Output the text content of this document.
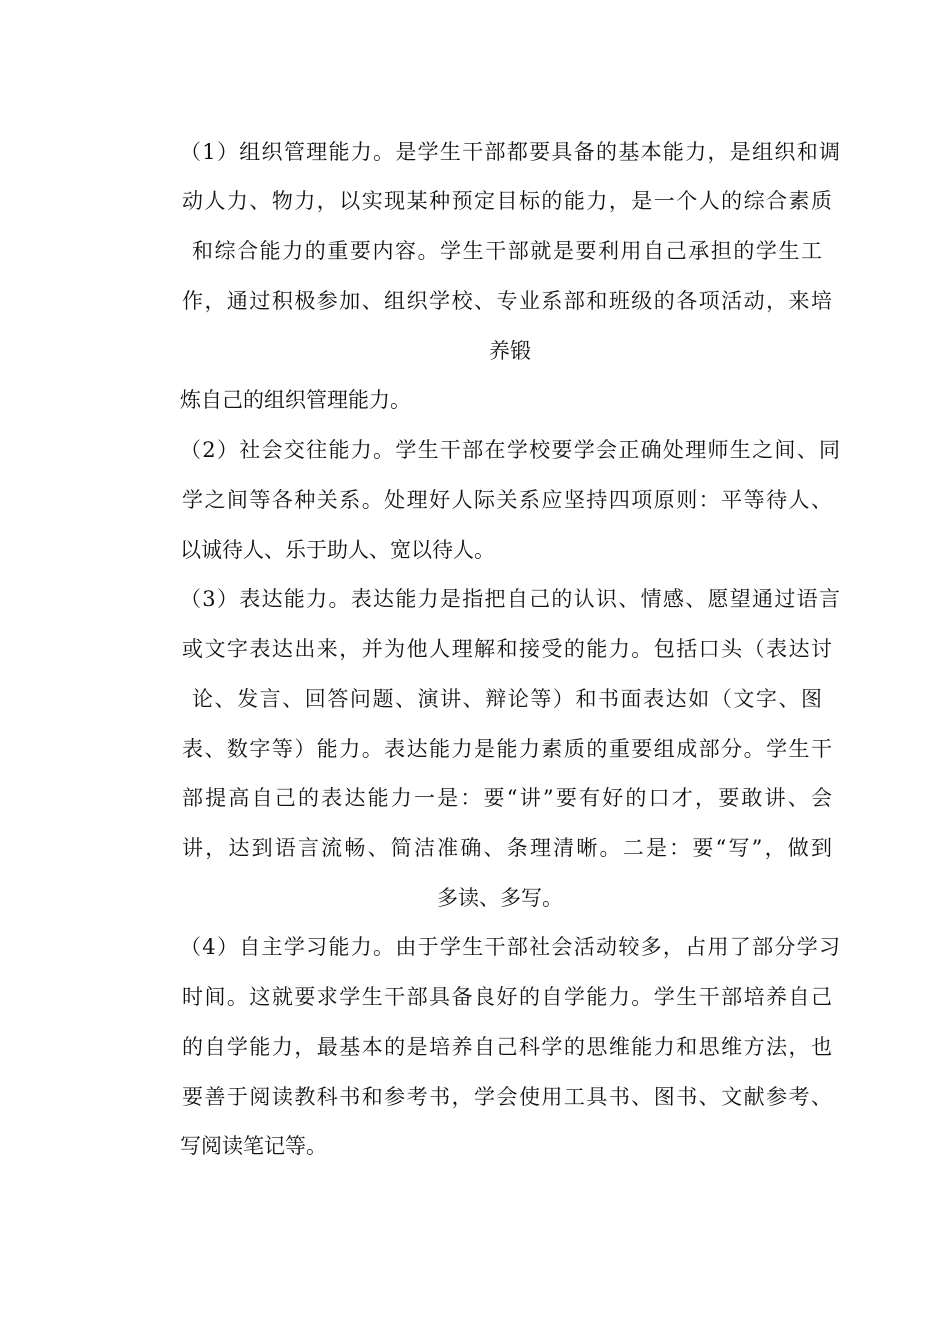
（1）组织管理能力。是学生干部都要具备的基本能力，是组织和调
动人力、物力，以实现某种预定目标的能力，是一个人的综合素质
和综合能力的重要内容。学生干部就是要利用自己承担的学生工
作，通过积极参加、组织学校、专业系部和班级的各项活动，来培
养锻
炼自己的组织管理能力。
（2）社会交往能力。学生干部在学校要学会正确处理师生之间、同
学之间等各种关系。处理好人际关系应坚持四项原则：平等待人、
以诚待人、乐于助人、宽以待人。
（3）表达能力。表达能力是指把自己的认识、情感、愿望通过语言
或文字表达出来，并为他人理解和接受的能力。包括口头（表达讨
论、发言、回答问题、演讲、辩论等）和书面表达如（文字、图
表、数字等）能力。表达能力是能力素质的重要组成部分。学生干
部提高自己的表达能力一是：要“讲”要有好的口才，要敢讲、会
讲，达到语言流畅、简洁准确、条理清晰。二是：要“写”，做到
多读、多写。
（4）自主学习能力。由于学生干部社会活动较多，占用了部分学习
时间。这就要求学生干部具备良好的自学能力。学生干部培养自己
的自学能力，最基本的是培养自己科学的思维能力和思维方法，也
要善于阅读教科书和参考书，学会使用工具书、图书、文献参考、
写阅读笔记等。
